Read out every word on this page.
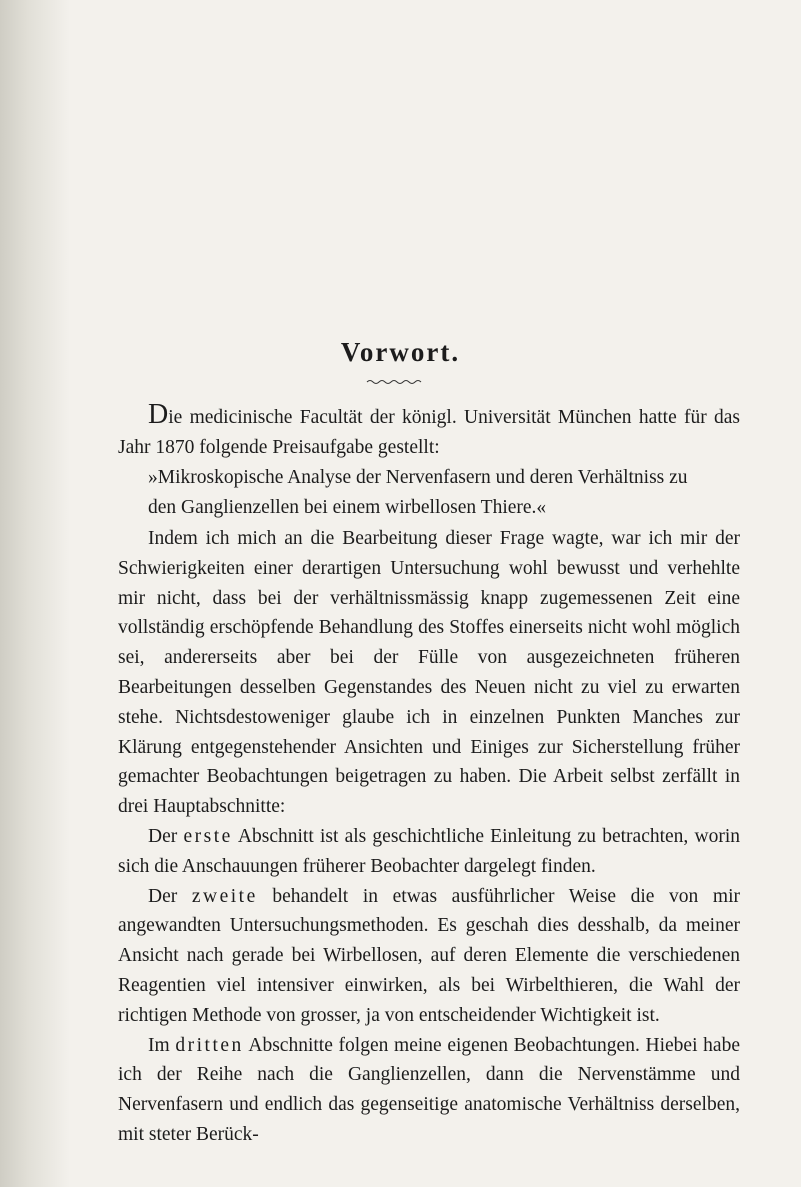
Vorwort.

Die medicinische Facultät der königl. Universität München hatte für das Jahr 1870 folgende Preisaufgabe gestellt:

»Mikroskopische Analyse der Nervenfasern und deren Verhältniss zu den Ganglienzellen bei einem wirbellosen Thiere.«

Indem ich mich an die Bearbeitung dieser Frage wagte, war ich mir der Schwierigkeiten einer derartigen Untersuchung wohl bewusst und verhehlte mir nicht, dass bei der verhältnissmässig knapp zugemessenen Zeit eine vollständig erschöpfende Behandlung des Stoffes einerseits nicht wohl möglich sei, andererseits aber bei der Fülle von ausgezeichneten früheren Bearbeitungen desselben Gegenstandes des Neuen nicht zu viel zu erwarten stehe. Nichtsdestoweniger glaube ich in einzelnen Punkten Manches zur Klärung entgegenstehender Ansichten und Einiges zur Sicherstellung früher gemachter Beobachtungen beigetragen zu haben. Die Arbeit selbst zerfällt in drei Hauptabschnitte:

Der erste Abschnitt ist als geschichtliche Einleitung zu betrachten, worin sich die Anschauungen früherer Beobachter dargelegt finden.

Der zweite behandelt in etwas ausführlicher Weise die von mir angewandten Untersuchungsmethoden. Es geschah dies desshalb, da meiner Ansicht nach gerade bei Wirbellosen, auf deren Elemente die verschiedenen Reagentien viel intensiver einwirken, als bei Wirbelthieren, die Wahl der richtigen Methode von grosser, ja von entscheidender Wichtigkeit ist.

Im dritten Abschnitte folgen meine eigenen Beobachtungen. Hiebei habe ich der Reihe nach die Ganglienzellen, dann die Nervenstämme und Nervenfasern und endlich das gegenseitige anatomische Verhältniss derselben, mit steter Berück-
